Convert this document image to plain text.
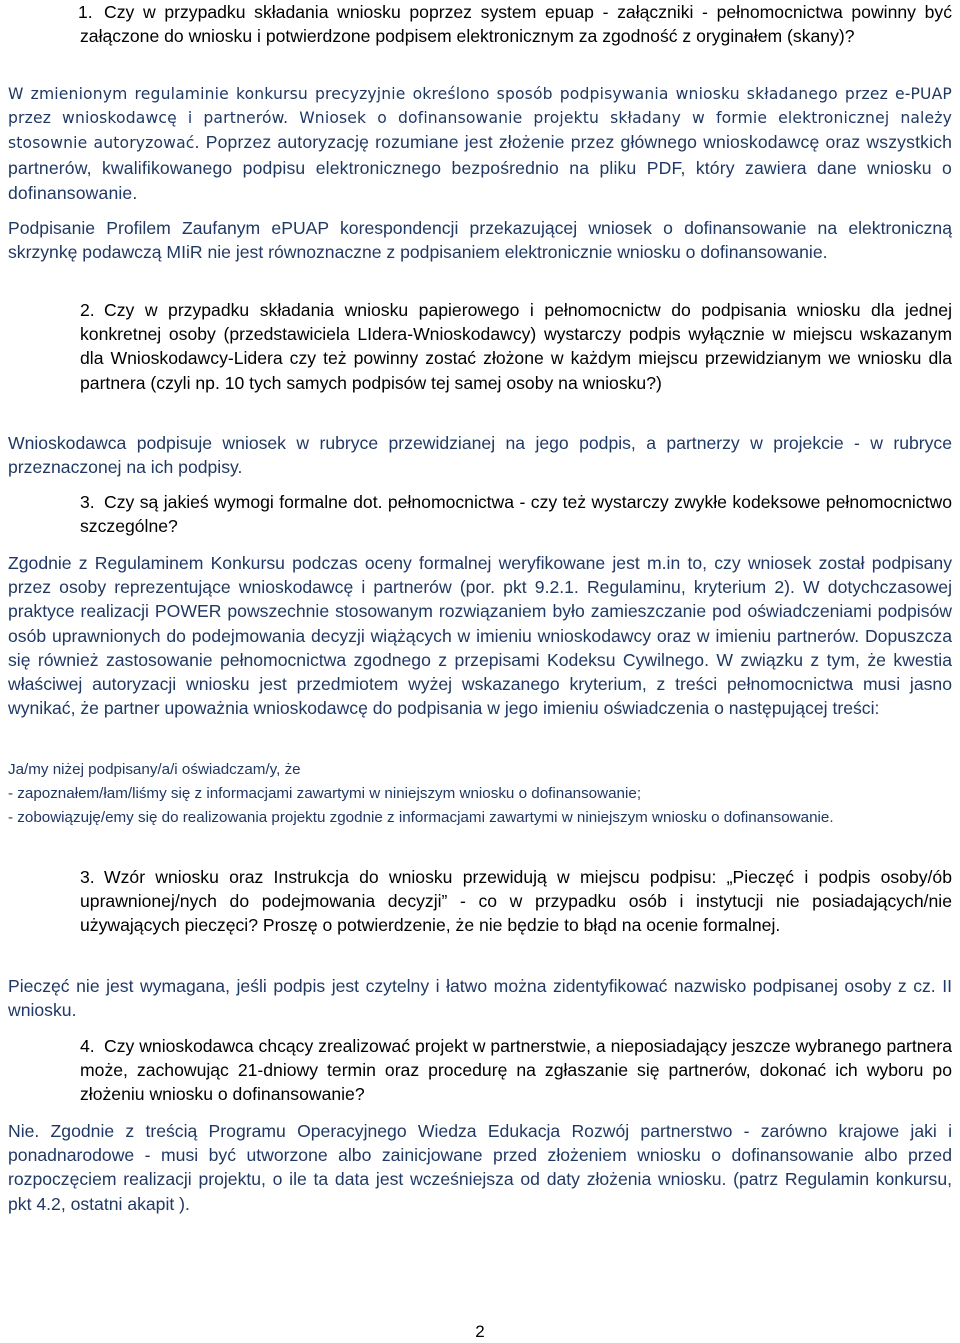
1. Czy w przypadku składania wniosku poprzez system epuap - załączniki - pełnomocnictwa powinny być załączone do wniosku i potwierdzone podpisem elektronicznym za zgodność z oryginałem (skany)?
W zmienionym regulaminie konkursu precyzyjnie określono sposób podpisywania wniosku składanego przez e-PUAP przez wnioskodawcę i partnerów. Wniosek o dofinansowanie projektu składany w formie elektronicznej należy stosownie autoryzować. Poprzez autoryzację rozumiane jest złożenie przez głównego wnioskodawcę oraz wszystkich partnerów, kwalifikowanego podpisu elektronicznego bezpośrednio na pliku PDF, który zawiera dane wniosku o dofinansowanie.
Podpisanie Profilem Zaufanym ePUAP korespondencji przekazującej wniosek o dofinansowanie na elektroniczną skrzynkę podawczą MIiR nie jest równoznaczne z podpisaniem elektronicznie wniosku o dofinansowanie.
2. Czy w przypadku składania wniosku papierowego i pełnomocnictw do podpisania wniosku dla jednej konkretnej osoby (przedstawiciela LIdera-Wnioskodawcy) wystarczy podpis wyłącznie w miejscu wskazanym dla Wnioskodawcy-Lidera czy też powinny zostać złożone w każdym miejscu przewidzianym we wniosku dla partnera (czyli np. 10 tych samych podpisów tej samej osoby na wniosku?)
Wnioskodawca podpisuje wniosek w rubryce przewidzianej na jego podpis, a partnerzy w projekcie - w rubryce przeznaczonej na ich podpisy.
3. Czy są jakieś wymogi formalne dot. pełnomocnictwa - czy też wystarczy zwykłe kodeksowe pełnomocnictwo szczególne?
Zgodnie z Regulaminem Konkursu podczas oceny formalnej weryfikowane jest m.in to, czy wniosek został podpisany przez osoby reprezentujące wnioskodawcę i partnerów (por. pkt 9.2.1. Regulaminu, kryterium 2). W dotychczasowej praktyce realizacji POWER powszechnie stosowanym rozwiązaniem było zamieszczanie pod oświadczeniami podpisów osób uprawnionych do podejmowania decyzji wiążących w imieniu wnioskodawcy oraz w imieniu partnerów. Dopuszcza się również zastosowanie pełnomocnictwa zgodnego z przepisami Kodeksu Cywilnego. W związku z tym, że kwestia właściwej autoryzacji wniosku jest przedmiotem wyżej wskazanego kryterium, z treści pełnomocnictwa musi jasno wynikać, że partner upoważnia wnioskodawcę do podpisania w jego imieniu oświadczenia o następującej treści:
Ja/my niżej podpisany/a/i oświadczam/y, że
- zapoznałem/łam/liśmy się z informacjami zawartymi w niniejszym wniosku o dofinansowanie;
- zobowiązuję/emy się do realizowania projektu zgodnie z informacjami zawartymi w niniejszym wniosku o dofinansowanie.
3. Wzór wniosku oraz Instrukcja do wniosku przewidują w miejscu podpisu: „Pieczęć i podpis osoby/ób uprawnionej/nych do podejmowania decyzji” - co w przypadku osób i instytucji nie posiadających/nie używających pieczęci? Proszę o potwierdzenie, że nie będzie to błąd na ocenie formalnej.
Pieczęć nie jest wymagana, jeśli podpis jest czytelny i łatwo można zidentyfikować nazwisko podpisanej osoby z cz. II wniosku.
4. Czy wnioskodawca chcący zrealizować projekt w partnerstwie, a nieposiadający jeszcze wybranego partnera może, zachowując 21-dniowy termin oraz procedurę na zgłaszanie się partnerów, dokonać ich wyboru po złożeniu wniosku o dofinansowanie?
Nie. Zgodnie z treścią Programu Operacyjnego Wiedza Edukacja Rozwój partnerstwo - zarówno krajowe jaki i ponadnarodowe - musi być utworzone albo zainicjowane przed złożeniem wniosku o dofinansowanie albo przed rozpoczęciem realizacji projektu, o ile ta data jest wcześniejsza od daty złożenia wniosku. (patrz Regulamin konkursu, pkt 4.2, ostatni akapit ).
2
